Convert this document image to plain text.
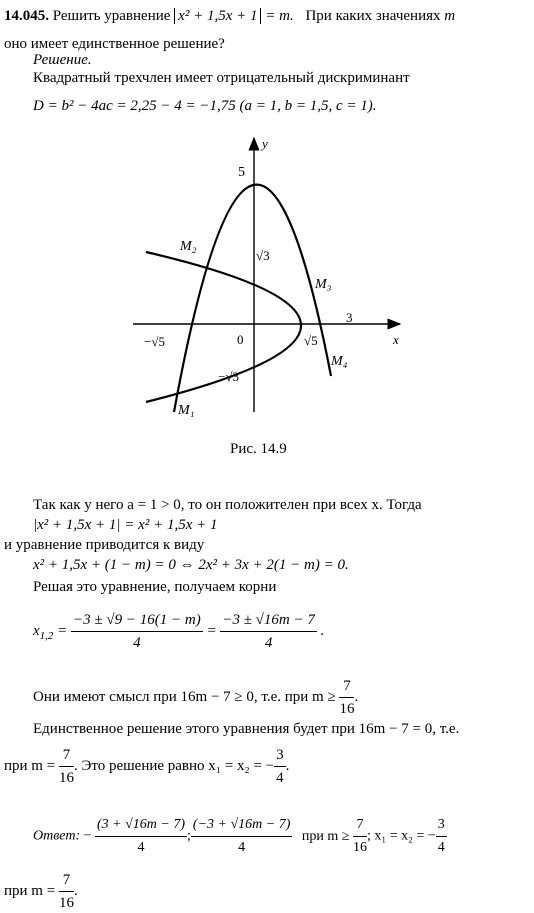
14.045. Решить уравнение x² + 1,5x + 1 = m. При каких значениях m
оно имеет единственное решение?
Решение.
Квадратный трехчлен имеет отрицательный дискриминант
D = b² − 4ac = 2,25 − 4 = −1,75 (a = 1, b = 1,5, c = 1).
x
y
5
√3
−√3
−√5	√5
0
3
M₂
M₃
M₄
M₁
Рис. 14.9
Так как у него a = 1 > 0, то он положителен при всех x. Тогда
|x² + 1,5x + 1| = x² + 1,5x + 1
и уравнение приводится к виду
x² + 1,5x + (1 − m) = 0 ⇔ 2x² + 3x + 2(1 − m) = 0.
Решая это уравнение, получаем корни
$x_{1,2} = \frac{-3 \pm √9 - 16(1 - m)}{4} = \frac{-3 \pm √16m - 7}{4}$ .
Они имеют смысл при 16m − 7 ≥ 0, т.е. при $m \ge \frac{7}{16}$ .
Единственное решение этого уравнения будет при 16m − 7 = 0, т.е.
при $m = \frac{7}{16}$ . Это решение равно x₁ = x₂ = − $\frac{3}{4}$ .
Ответ: − $\frac{(3 + √16m - 7)}{4}$ ; $\frac{(-3 + √16m - 7)}{4}$ при $m \ge \frac{7}{16}$ ; x₁ = x₂ = − $\frac{3}{4}$
при $m = \frac{7}{16}$ .
